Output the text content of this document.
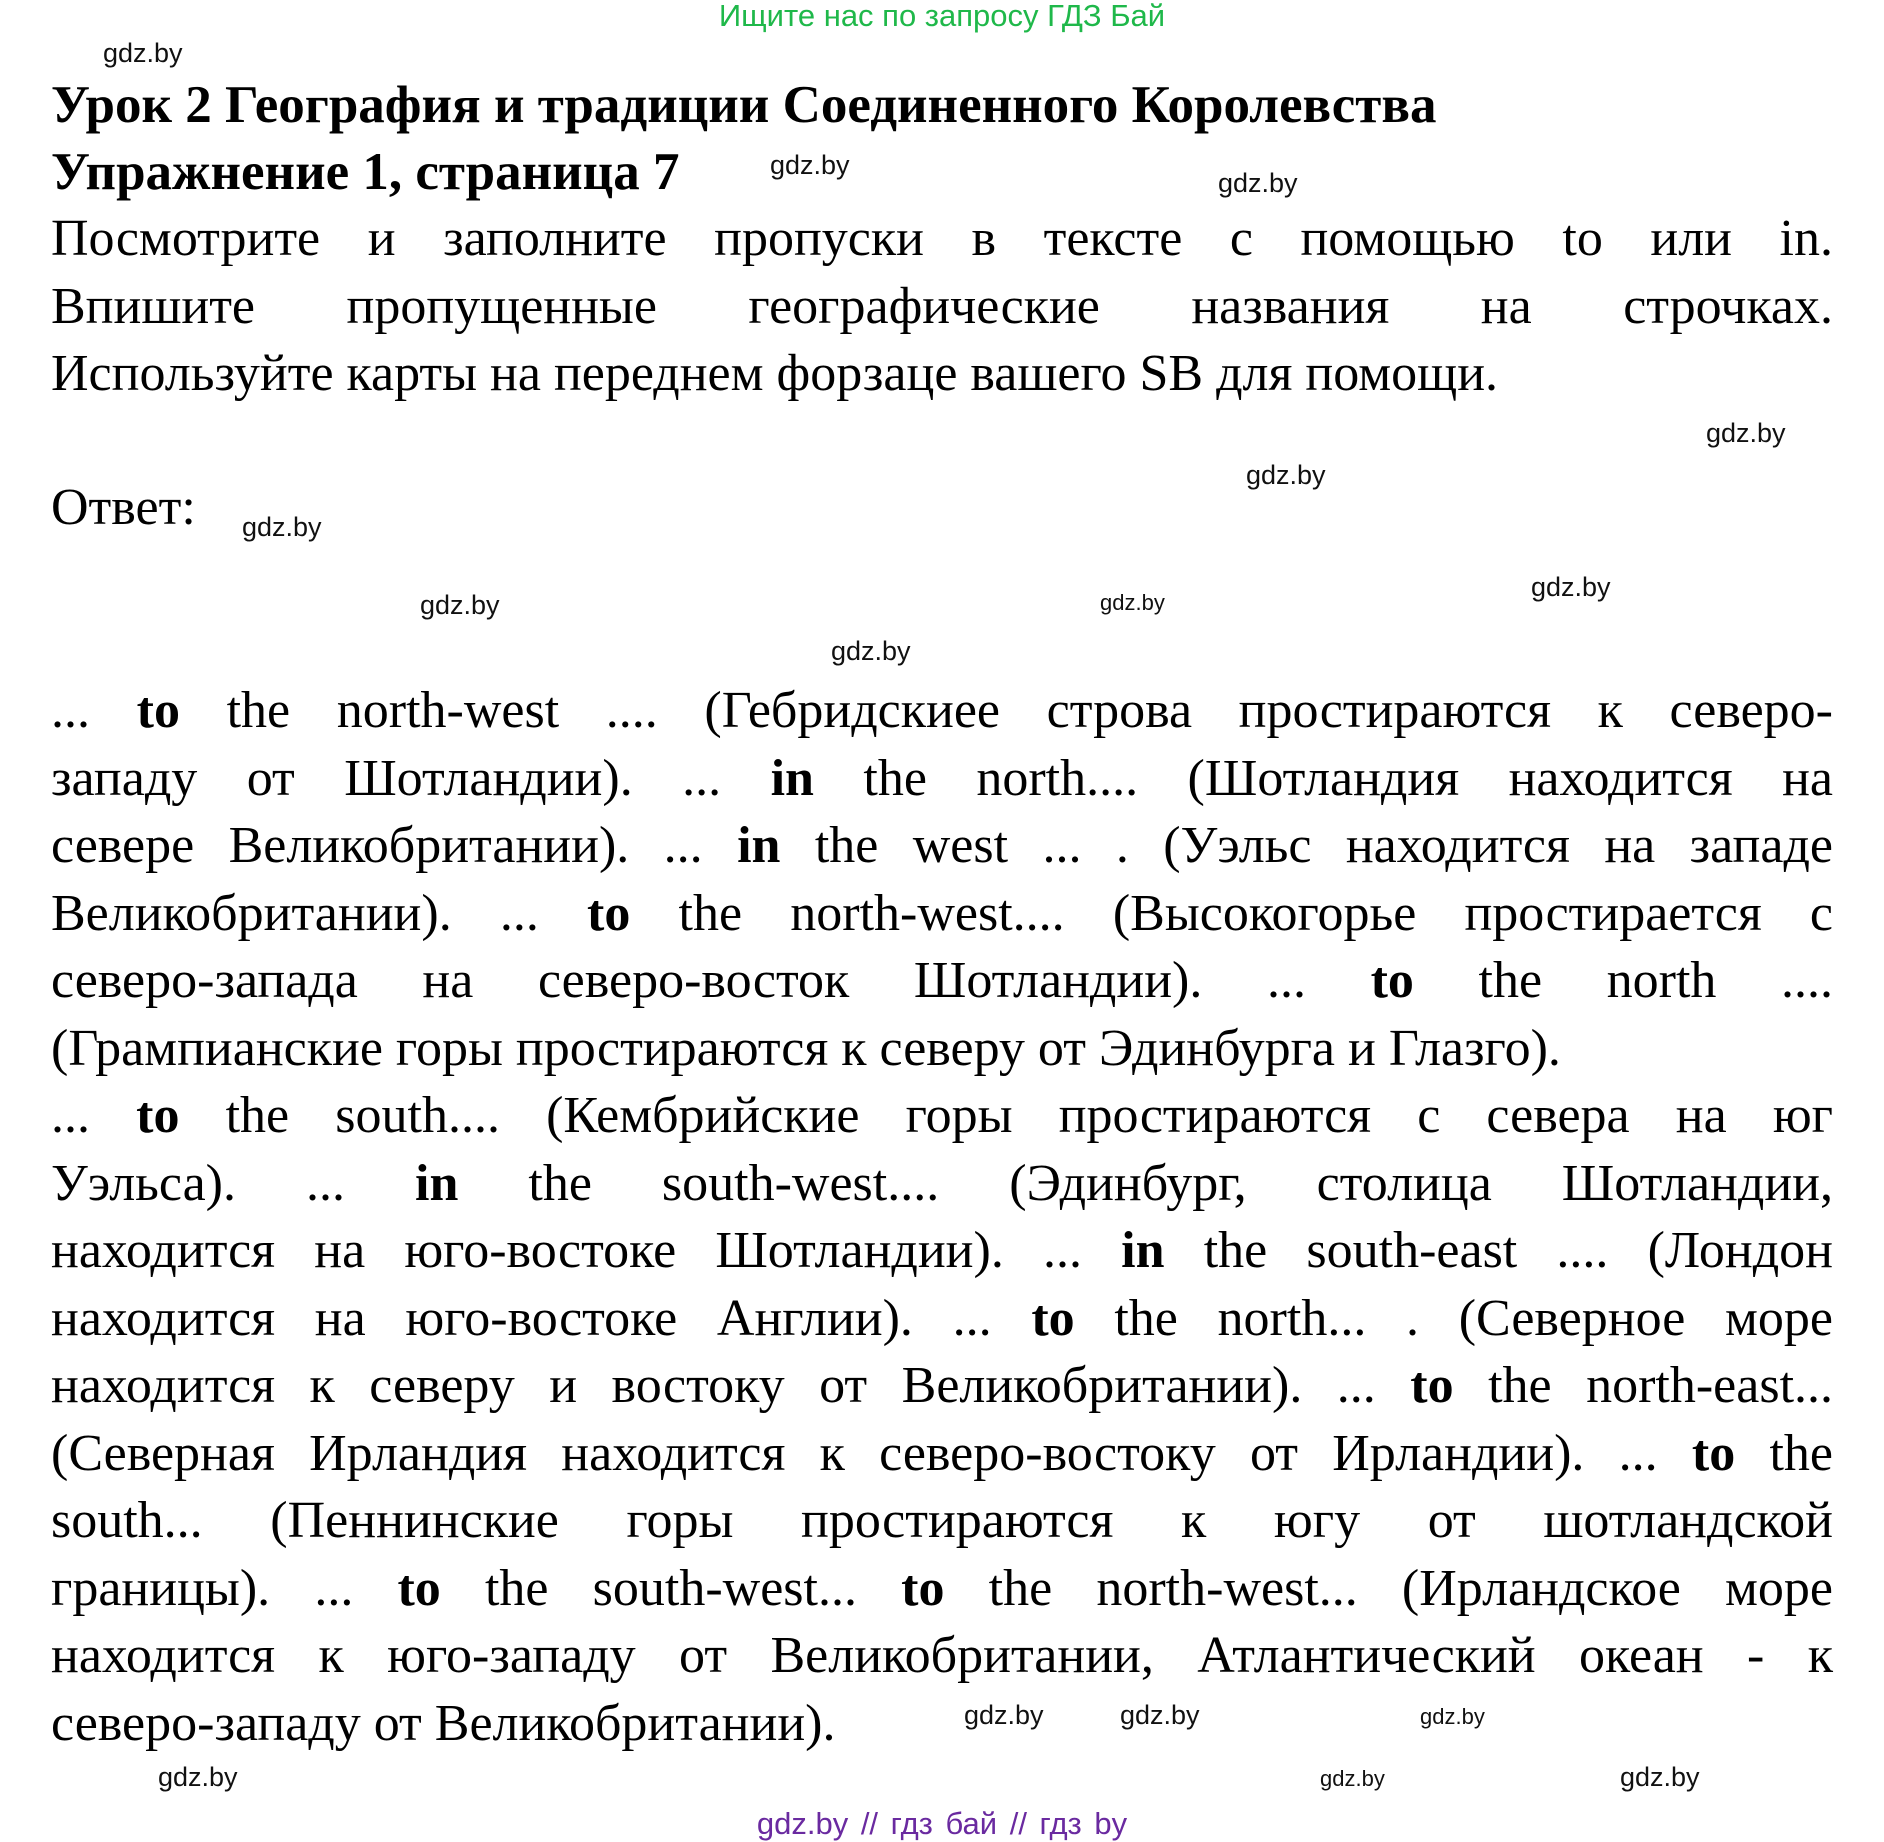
Ищите нас по запросу ГДЗ Бай
Урок 2 География и традиции Соединенного Королевства
Упражнение 1, страница 7
Посмотрите и заполните пропуски в тексте с помощью to или in.
Впишите пропущенные географические названия на строчках.
Используйте карты на переднем форзаце вашего SB для помощи.
Ответ:
... to the north-west .... (Гебридскиее строва простираются к северо-
западу от Шотландии). ... in the north.... (Шотландия находится на
севере Великобритании). ... in the west ... . (Уэльс находится на западе
Великобритании). ... to the north-west.... (Высокогорье простирается с
северо-запада на северо-восток Шотландии). ... to the north ....
(Грампианские горы простираются к северу от Эдинбурга и Глазго).
... to the south.... (Кембрийские горы простираются с севера на юг
Уэльса). ... in the south-west.... (Эдинбург, столица Шотландии,
находится на юго-востоке Шотландии). ... in the south-east .... (Лондон
находится на юго-востоке Англии). ... to the north... . (Северное море
находится к северу и востоку от Великобритании). ... to the north-east...
(Северная Ирландия находится к северо-востоку от Ирландии). ... to the
south... (Пеннинские горы простираются к югу от шотландской
границы). ... to the south-west... to the north-west... (Ирландское море
находится к юго-западу от Великобритании, Атлантический океан - к
северо-западу от Великобритании).
gdz.by
gdz.by
gdz.by
gdz.by
gdz.by
gdz.by
gdz.by
gdz.by
gdz.by
gdz.by
gdz.by	gdz.by
gdz.by
gdz.by
gdz.by
gdz.by
gdz.by // гдз бай // гдз by
